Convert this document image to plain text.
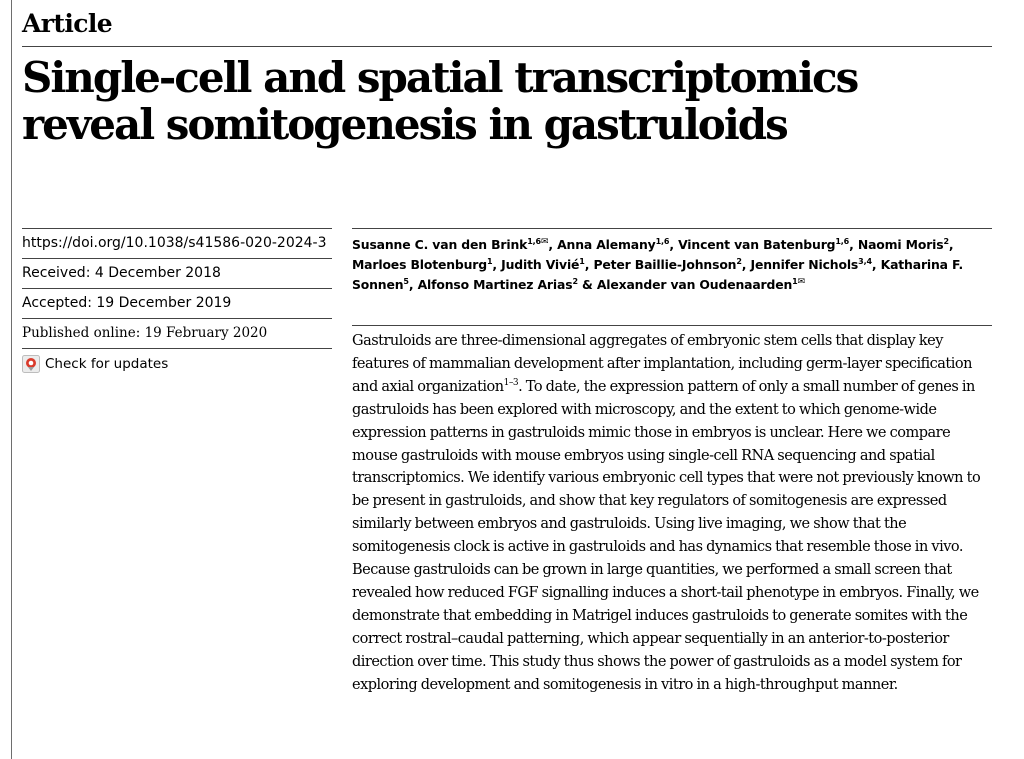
Article
Single-cell and spatial transcriptomics reveal somitogenesis in gastruloids
https://doi.org/10.1038/s41586-020-2024-3
Received: 4 December 2018
Accepted: 19 December 2019
Published online: 19 February 2020
Check for updates

Susanne C. van den Brink$^{1,6✉}$, Anna Alemany$^{1,6}$, Vincent van Batenburg$^{1,6}$, Naomi Moris$^2$, Marloes Blotenburg$^1$, Judith Vivié$^1$, Peter Baillie-Johnson$^2$, Jennifer Nichols$^{3,4}$, Katharina F. Sonnen$^5$, Alfonso Martinez Arias$^2$ & Alexander van Oudenaarden$^{1✉}$

Gastruloids are three-dimensional aggregates of embryonic stem cells that display key features of mammalian development after implantation, including germ-layer specification and axial organization$^{1-3}$. To date, the expression pattern of only a small number of genes in gastruloids has been explored with microscopy, and the extent to which genome-wide expression patterns in gastruloids mimic those in embryos is unclear. Here we compare mouse gastruloids with mouse embryos using single-cell RNA sequencing and spatial transcriptomics. We identify various embryonic cell types that were not previously known to be present in gastruloids, and show that key regulators of somitogenesis are expressed similarly between embryos and gastruloids. Using live imaging, we show that the somitogenesis clock is active in gastruloids and has dynamics that resemble those in vivo. Because gastruloids can be grown in large quantities, we performed a small screen that revealed how reduced FGF signalling induces a short-tail phenotype in embryos. Finally, we demonstrate that embedding in Matrigel induces gastruloids to generate somites with the correct rostral–caudal patterning, which appear sequentially in an anterior-to-posterior direction over time. This study thus shows the power of gastruloids as a model system for exploring development and somitogenesis in vitro in a high-throughput manner.
